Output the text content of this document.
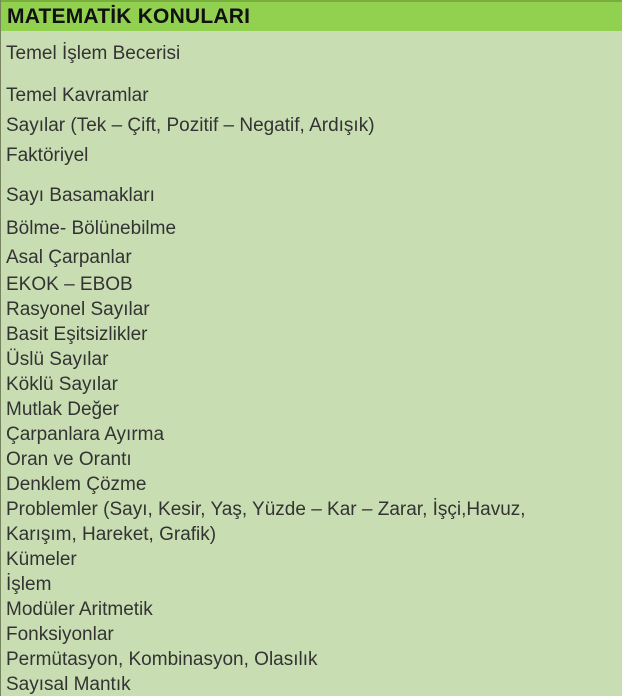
MATEMATİK KONULARI
Temel İşlem Becerisi
Temel Kavramlar
Sayılar (Tek – Çift, Pozitif – Negatif, Ardışık)
Faktöriyel
Sayı Basamakları
Bölme- Bölünebilme
Asal Çarpanlar
EKOK – EBOB
Rasyonel Sayılar
Basit Eşitsizlikler
Üslü Sayılar
Köklü Sayılar
Mutlak Değer
Çarpanlara Ayırma
Oran ve Orantı
Denklem Çözme
Problemler (Sayı, Kesir, Yaş, Yüzde – Kar – Zarar, İşçi,Havuz, Karışım, Hareket, Grafik)
Kümeler
İşlem
Modüler Aritmetik
Fonksiyonlar
Permütasyon, Kombinasyon, Olasılık
Sayısal Mantık
